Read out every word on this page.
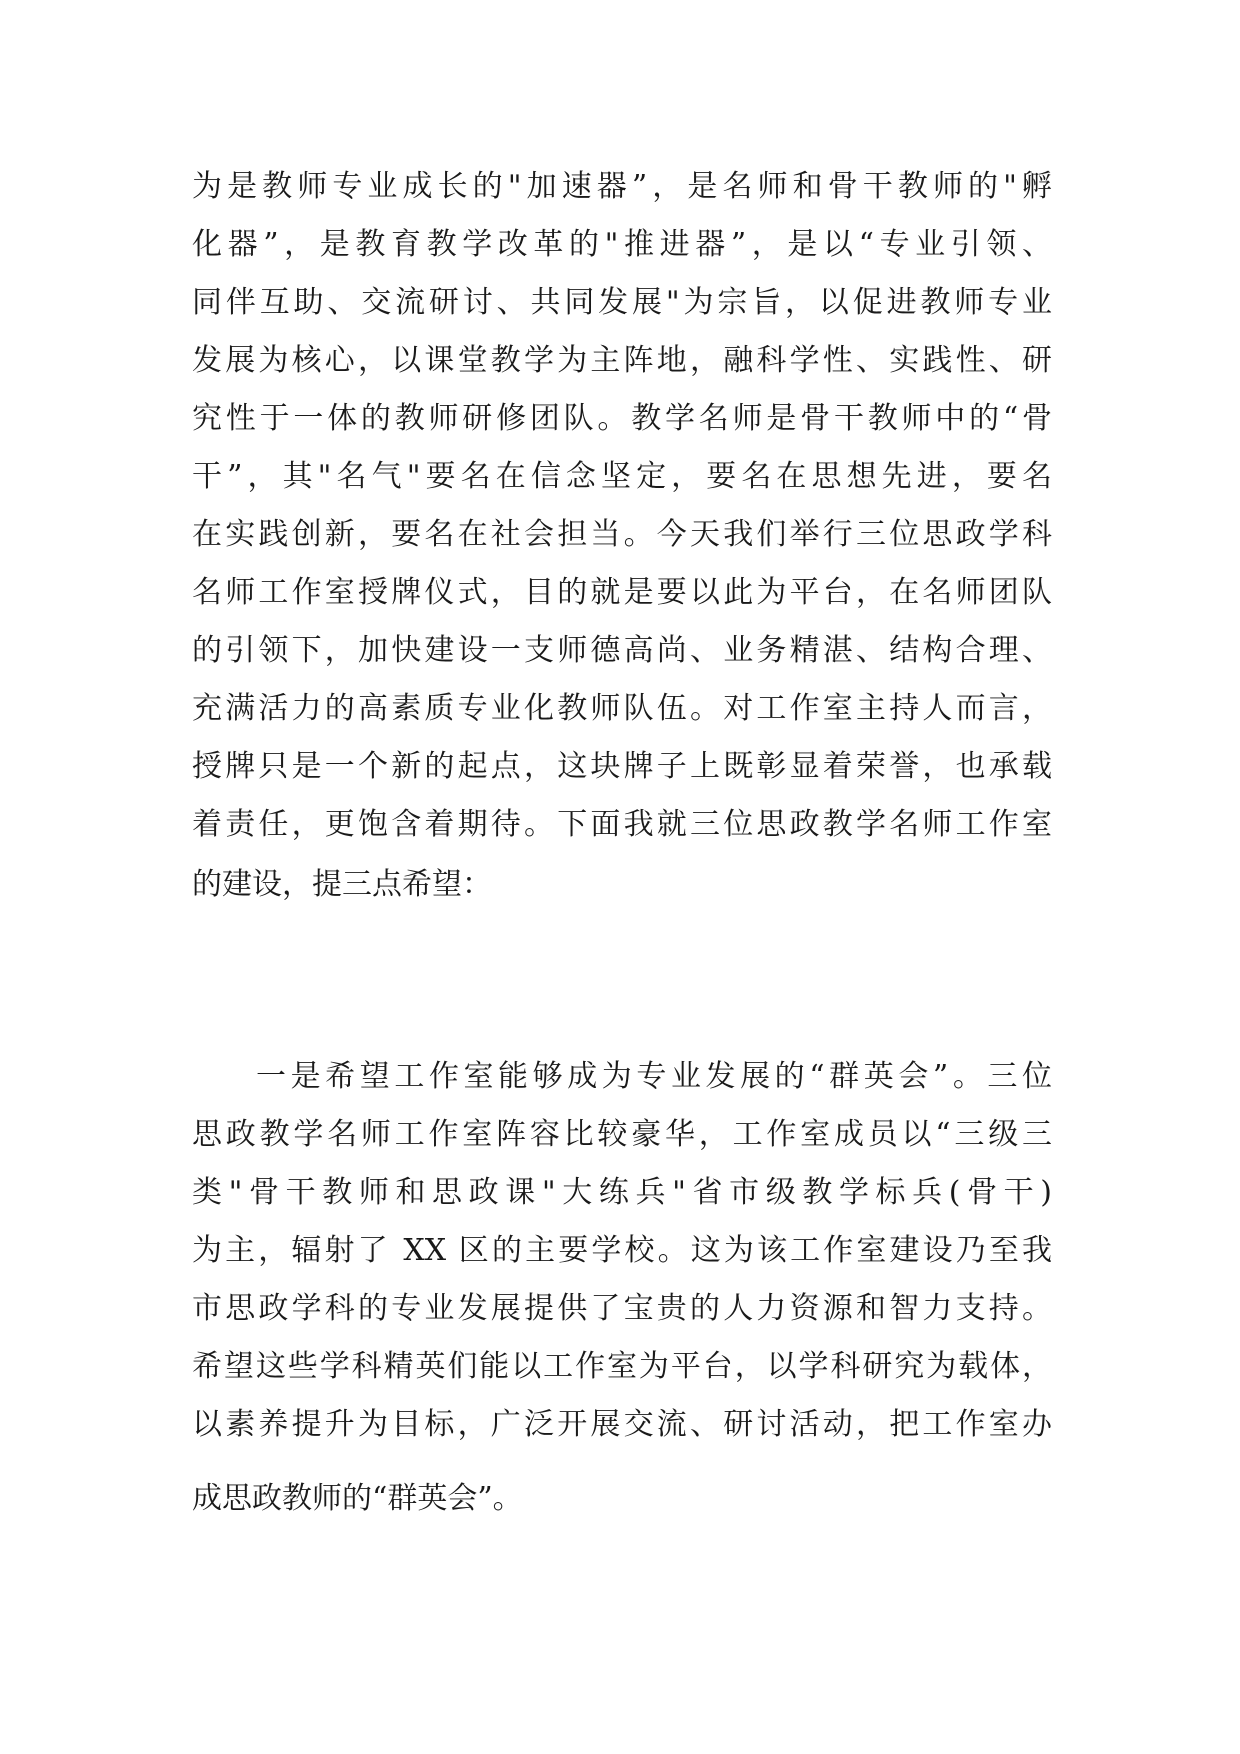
为是教师专业成长的"加速器”，是名师和骨干教师的"孵
化器”，是教育教学改革的"推进器”，是以“专业引领、
同伴互助、交流研讨、共同发展"为宗旨，以促进教师专业
发展为核心，以课堂教学为主阵地，融科学性、实践性、研
究性于一体的教师研修团队。教学名师是骨干教师中的“骨
干”，其"名气"要名在信念坚定，要名在思想先进，要名
在实践创新，要名在社会担当。今天我们举行三位思政学科
名师工作室授牌仪式，目的就是要以此为平台，在名师团队
的引领下，加快建设一支师德高尚、业务精湛、结构合理、
充满活力的高素质专业化教师队伍。对工作室主持人而言，
授牌只是一个新的起点，这块牌子上既彰显着荣誉，也承载
着责任，更饱含着期待。下面我就三位思政教学名师工作室
的建设，提三点希望：
一是希望工作室能够成为专业发展的“群英会”。三位
思政教学名师工作室阵容比较豪华，工作室成员以“三级三
类"骨干教师和思政课"大练兵"省市级教学标兵(骨干)
为主，辐射了 XX 区的主要学校。这为该工作室建设乃至我
市思政学科的专业发展提供了宝贵的人力资源和智力支持。
希望这些学科精英们能以工作室为平台，以学科研究为载体，
以素养提升为目标，广泛开展交流、研讨活动，把工作室办
成思政教师的“群英会”。
